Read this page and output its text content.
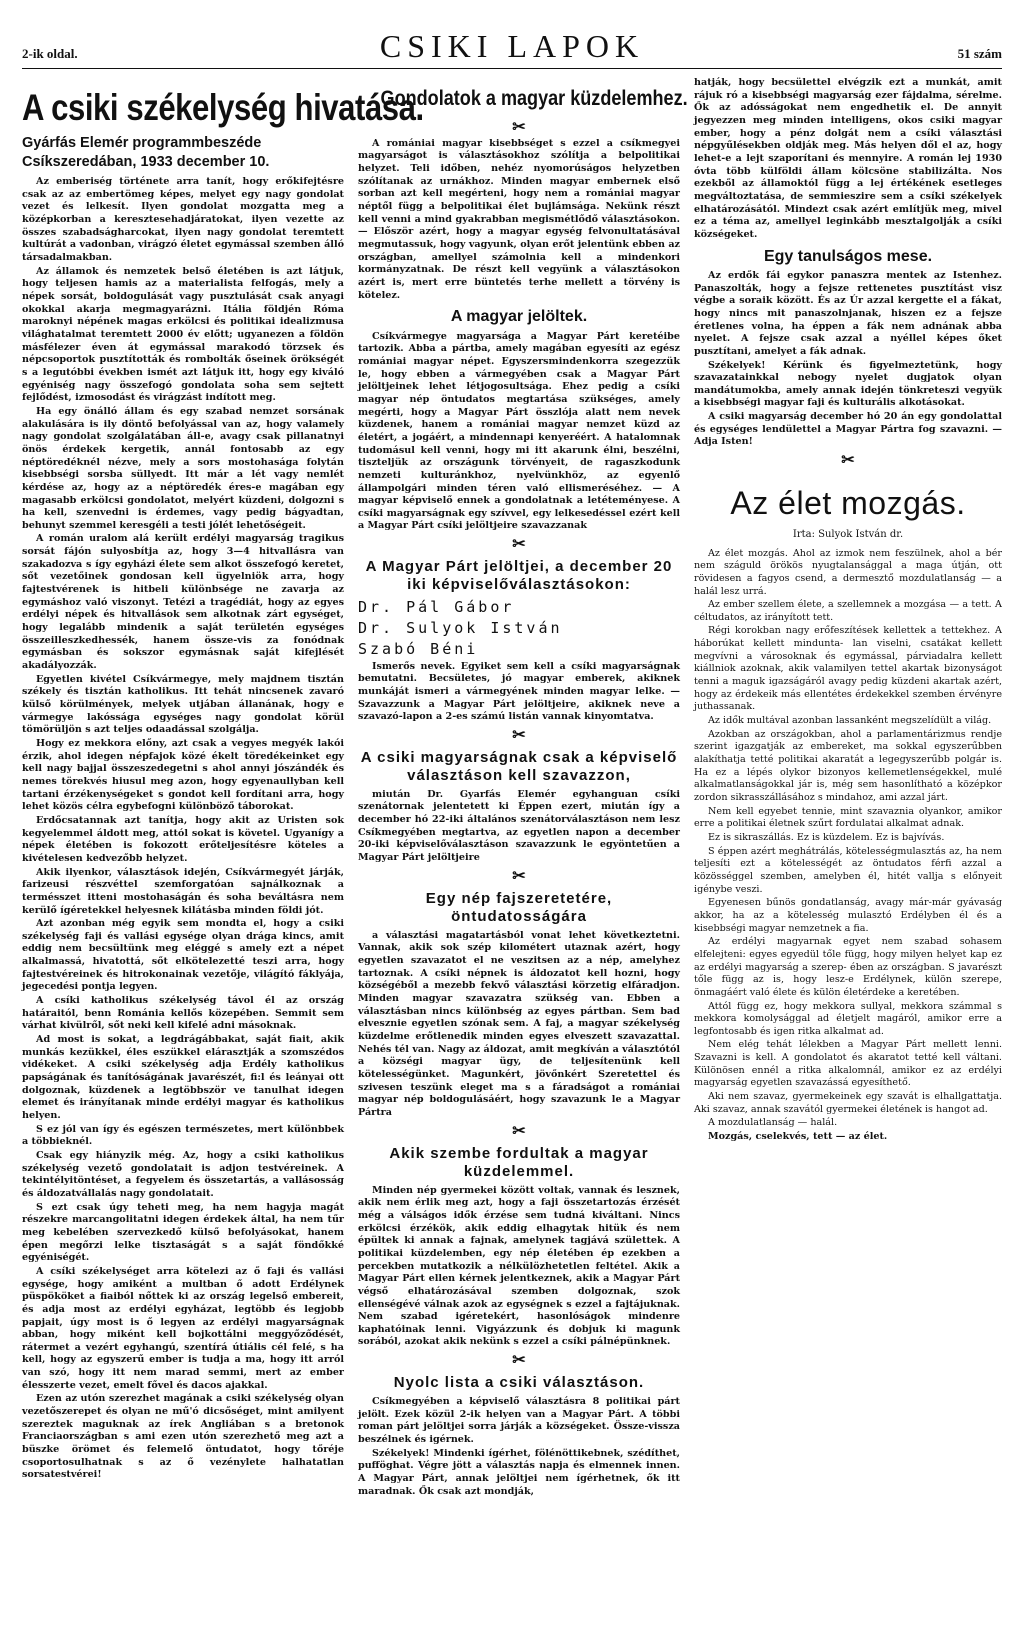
2-ik oldal.	CSIKI LAPOK	51 szám
A csiki székelység hivatása.
Gyárfás Elemér programmbeszéde
Csíkszeredában, 1933 december 10.

Az emberiség története arra tanít, hogy erőkifejtésre csak az az embertömeg képes, melyet egy nagy gondolat vezet és lelkesít. Ilyen gondolat mozgatta meg a középkorban a keresztesehadjáratokat, ilyen vezette az összes szabadságharcokat, ilyen nagy gondolat teremtett kultúrát a vadonban, virágzó életet egymással szemben álló társadalmakban.

Az államok és nemzetek belső életében is azt látjuk, hogy teljesen hamis az a materialista felfogás, mely a népek sorsát, boldogulását vagy pusztulását csak anyagi okokkal akarja megmagyarázni. Itália földjén Róma maroknyi népének magas erkölcsi és politikai idealizmusa világhatalmat teremtett 2000 év előtt; ugyanezen a földön másfélezer éven át egymással marakodó törzsek és népcsoportok pusztították és rombolták őseinek örökségét s a legutóbbi években ismét azt látjuk itt, hogy egy kiváló egyéniség nagy összefogó gondolata soha sem sejtett fejlődést, izmosodást és virágzást indított meg.

Ha egy önálló állam és egy szabad nemzet sorsának alakulására is ily döntő befolyással van az, hogy valamely nagy gondolat szolgálatában áll-e, avagy csak pillanatnyi önös érdekek kergetik, annál fontosabb az egy néptöredéknél nézve, mely a sors mostohasága folytán kisebbségi sorsba süllyedt. Itt már a lét vagy nemlét kérdése az, hogy az a néptöredék éres-e magában egy magasabb erkölcsi gondolatot, melyért küzdeni, dolgozni s ha kell, szenvedni is érdemes, vagy pedig bágyadtan, behunyt szemmel keresgéli a testi jólét lehetőségeit.

A román uralom alá került erdélyi magyarság tragikus sorsát fájón sulyosbítja az, hogy 3—4 hitvallásra van szakadozva s így egyházi élete sem alkot összefogó keretet, sőt vezetőinek gondosan kell ügyelniök arra, hogy fajtestvérenek is hitbeli különbsége ne zavarja az egymáshoz való viszonyt. Tetézi a tragédiát, hogy az egyes erdélyi népek és hitvallások sem alkotnak zárt egységet, hogy legalább mindenik a saját területén egységes összeilleszkedhessék, hanem össze-vis za fonódnak egymásban és sokszor egymásnak saját kifejlését akadályozzák.

Egyetlen kivétel Csíkvármegye, mely majdnem tisztán székely és tisztán katholikus. Itt tehát nincsenek zavaró külső körülmények, melyek utjában állanának, hogy e vármegye lakóssága egységes nagy gondolat körül tömörüljön s azt teljes odaadással szolgálja.

Hogy ez mekkora előny, azt csak a vegyes megyék lakói érzik, ahol idegen népfajok közé ékelt töredékeinket egy kell nagy bajjal összeszedegetni s ahol annyi jószándék és nemes törekvés hiusul meg azon, hogy egyenaullyban kell tartani érzékenységeket s gondot kell fordítani arra, hogy lehet közös célra egybefogni különböző táborokat.

Erdőcsatannak azt tanítja, hogy akit az Uristen sok kegyelemmel áldott meg, attól sokat is követel. Ugyanígy a népek életében is fokozott erőteljesítésre köteles a kivételesen kedvezőbb helyzet.

Akik ilyenkor, választások idején, Csíkvármegyét járják, farizeusi részvéttel szemforgatóan sajnálkoznak a termésszet itteni mostohaságán és soha beváltásra nem kerülő ígéretekkel helyesnek kilátásba minden földi jót.

Azt azonban még egyik sem mondta el, hogy a csiki székelység faji és vallási egysége olyan drága kincs, amit eddig nem becsültünk meg eléggé s amely ezt a népet alkalmassá, hivatottá, sőt elkötelezetté teszi arra, hogy fajtestvéreinek és hitrokonainak vezetője, világító fáklyája, jegecedési pontja legyen.

A csíki katholikus székelység távol él az ország határaitól, benn Románia kellős közepében. Semmit sem várhat kivülről, sőt neki kell kifelé adni másoknak.

Ad most is sokat, a legdrágábbakat, saját fiait, akik munkás kezükkel, éles eszükkel elárasztják a szomszédos vidékeket. A csiki székelység adja Erdély katholikus papságának és tanítóságának javarészét, fi:l és leányai ott dolgoznak, küzdenek a legtöbbször ve tanulhat idegen elemet és irányítanak minde erdélyi magyar és katholikus helyen.

S ez jól van így és egészen természetes, mert különbbek a többieknél.

Csak egy hiányzik még. Az, hogy a csiki katholikus székelység vezető gondolatait is adjon testvéreinek. A tekintélyitöntéset, a fegyelem és összetartás, a vallásosság és áldozatvállalás nagy gondolatait.

S ezt csak úgy teheti meg, ha nem hagyja magát részekre marcangolitatni idegen érdekek által, ha nem tűr meg kebelében szervezkedő külső befolyásokat, hanem épen megőrzi lelke tisztaságát s a saját föndőkké egyéniségét.

A csíki székelységet arra kötelezi az ő faji és vallási egysége, hogy amiként a multban ő adott Erdélynek püspököket a fiaiból nőttek ki az ország legelső embereit, és adja most az erdélyi egyházat, legtöbb és legjobb papjait, úgy most is ő legyen az erdélyi magyarságnak abban, hogy miként kell bojkottálni meggyőződését, rátermet a vezért egyhangú, szentírá útiális cél felé, s ha kell, hogy az egyszerű ember is tudja a ma, hogy itt arról van szó, hogy itt nem marad semmi, mert az ember élesszerte vezet, emelt fővel és dacos ajakkal.

Ezen az utón szerezhet magának a csiki székelység olyan vezetőszerepet és olyan ne mű'ó dicsőséget, mint amilyent szereztek maguknak az írek Angliában s a bretonok Franciaországban s ami ezen utón szerezhető meg azt a büszke örömet és felemelő öntudatot, hogy tőréje csoportosulhatnak s az ő vezénylete halhatatlan sorsatestvérei!

Gondolatok a magyar küzdelemhez.
✂

A romániai magyar kisebbséget s ezzel a csíkmegyei magyarságot is választásokhoz szólítja a belpolitikai helyzet. Teli időben, nehéz nyomorúságos helyzetben szólítanak az urnákhoz. Minden magyar embernek első sorban azt kell megérteni, hogy nem a romániai magyar néptől függ a belpolitikai élet bujlámsága. Nekünk részt kell venni a mind gyakrabban megismétlődő választásokon. — Először azért, hogy a magyar egység felvonultatásával megmutassuk, hogy vagyunk, olyan erőt jelentünk ebben az országban, amellyel számolnia kell a mindenkori kormányzatnak. De részt kell vegyünk a választásokon azért is, mert erre büntetés terhe mellett a törvény is kötelez.

A magyar jelöltek.

Csíkvármegye magyarsága a Magyar Párt keretéibe tartozik. Abba a pártba, amely magában egyesíti az egész romániai magyar népet. Egyszersmindenkorra szegezzük le, hogy ebben a vármegyében csak a Magyar Párt jelöltjeinek lehet létjogosultsága. Ehez pedig a csíki magyar nép öntudatos megtartása szükséges, amely megérti, hogy a Magyar Párt összlója alatt nem nevek küzdenek, hanem a romániai magyar nemzet küzd az életért, a jogáért, a mindennapi kenyeréért. A hatalomnak tudomásul kell venni, hogy mi itt akarunk élni, beszélni, tiszteljük az országunk törvényeit, de ragaszkodunk nemzeti kulturánkhoz, nyelvünkhöz, az egyenlő állampolgári minden téren való ellismeréséhez. — A magyar képviselő ennek a gondolatnak a letéteményese. A csíki magyarságnak egy szívvel, egy lelkesedéssel ezért kell a Magyar Párt csíki jelöltjeire szavazzanak

✂
A Magyar Párt jelöltjei, a december 20 iki képviselőválasztásokon:
Dr. Pál Gábor
Dr. Sulyok István
Szabó Béni

Ismerős nevek. Egyiket sem kell a csíki magyarságnak bemutatni. Becsületes, jó magyar emberek, akiknek munkáját ismeri a vármegyének minden magyar lelke. — Szavazzunk a Magyar Párt jelöltjeire, akiknek neve a szavazó-lapon a 2-es számú listán vannak kinyomtatva.

✂
A csiki magyarságnak csak a képviselő választáson kell szavazzon,

miután Dr. Gyarfás Elemér egyhanguan csíki szenátornak jelentetett ki Éppen ezert, miután így a december hó 22-iki általános szenátorválasztáson nem lesz Csíkmegyében megtartva, az egyetlen napon a december 20-iki képviselőválasztáson szavazzunk le egyöntetűen a Magyar Párt jelöltjeire

✂
Egy nép fajszeretetére, öntudatosságára

a választási magatartásból vonat lehet következtetni. Vannak, akik sok szép kilométert utaznak azért, hogy egyetlen szavazatot el ne veszitsen az a nép, amelyhez tartoznak. A csíki népnek is áldozatot kell hozni, hogy községéből a mezebb fekvő választási körzetig elfáradjon. Minden magyar szavazatra szükség van. Ebben a választásban nincs különbség az egyes pártban. Sem bad elveszniе egyetlen szónak sem. A faj, a magyar székelység küzdelme erőtlenedik minden egyes elveszett szavazattal. Nehés tél van. Nagy az áldozat, amit megkíván a választótól a községi magyar ügy, de teljesítenünk kell kötelességünket. Magunkért, jövőnkért Szeretettel és szivesen teszünk eleget ma s a fáradságot a romániai magyar nép boldogulásáért, hogy szavazunk le a Magyar Pártra

✂
Akik szembe fordultak a magyar küzdelemmel.

Minden nép gyermekei között voltak, vannak és lesznek, akik nem érlik meg azt, hogy a faji összetartozás érzését még a válságos idők érzése sem tudná kiváltani. Nincs erkölcsi érzékök, akik eddig elhagytak hitük és nem épültek ki annak a fajnak, amelynek tagjává születtek. A politikai küzdelemben, egy nép életében ép ezekben a percekben mutatkozik a nélkülözhetetlen feltétel. Akik a Magyar Párt ellen kérnek jelentkeznek, akik a Magyar Párt végső elhatározásával szemben dolgoznak, szok ellenségévé válnak azok az egységnek s ezzel a fajtájuknak. Nem szabad igéretekért, hasonlóságok mindenre kaphatóinak lenni. Vigyázzunk és dobjuk ki magunk sorából, azokat akik nekünk s ezzel a csíki pálnépünknek.

✂
Nyolc lista a csiki választáson.

Csíkmegyében a képviselő választásra 8 politikai párt jelölt. Ezek közül 2-ik helyen van a Magyar Párt. A többi roman párt jelöltjei sorra járják a községeket. Össze-vissza beszélnek és igérnek.

Székelyek! Mindenki ígérhet, fölénöttikebnek, szédíthet, pufföghat. Végre jött a választás napja és elmennek innen. A Magyar Párt, annak jelöltjei nem ígérhetnek, ők itt maradnak. Ők csak azt mondják,

hatják, hogy becsülettel elvégzik ezt a munkát, amit rájuk ró a kisebbségi magyarság ezer fájdalma, sérelme. Ők az adósságokat nem engedhetik el. De annyit jegyezzen meg minden intelligens, okos csiki magyar ember, hogy a pénz dolgát nem a csíki választási népgyűlésekben oldják meg. Más helyen dől el az, hogy lehet-e a lejt szaporítani és mennyire. A román lej 1930 óvta több külföldi állam kölcsöne stabilizálta. Nos ezekből az államoktól függ a lej értékének esetleges megváltoztatása, de semmieszire sem a csíki székelyek elhatározásától. Mindezt csak azért említjük meg, mivel ez a téma az, amellyel leginkább mesztalgolják a csíki községeket.

Egy tanulságos mese.

Az erdők fái egykor panaszra mentek az Istenhez. Panaszolták, hogy a fejsze rettenetes pusztítást visz végbe a soraik között. És az Úr azzal kergette el a fákat, hogy nincs mit panaszolnjanak, hiszen ez a fejsze éretlenes volna, ha éppen a fák nem adnának abba nyelet. A fejsze csak azzal a nyéllel képes őket pusztítani, amelyet a fák adnak.

Székelyek! Kérünk és figyelmeztetünk, hogy szavazatainkkal nebogy nyelet dugjatok olyan mandátumokba, amely annak idején tönkreteszi vegyük a kisebbségi magyar faji és kulturális alkotásokat.

A csiki magyarság december hó 20 án egy gondolattal és egységes lendülettel a Magyar Pártra fog szavazni. — Adja Isten!

✂
Az élet mozgás.
Irta: Sulyok István dr.

Az élet mozgás. Ahol az izmok nem feszülnek, ahol a bér nem száguld örökös nyugtalansággal a maga útján, ott rövidesen a fagyos csend, a dermesztő mozdulatlanság — a halál lesz urrá.

Az ember szellem élete, a szellemnek a mozgása — a tett. A céltudatos, az irányított tett.

Régi korokban nagy erőfeszítések kellettek a tettekhez. A háborúkat kellett mindunta- lan viselni, csatákat kellett megvívni a városoknak és egymással, párviadalra kellett kiállniok azoknak, akik valamilyen tettel akartak bizonyságot tenni a maguk igazságáról avagy pedig küzdeni akartak azért, hogy az érdekeik más ellentétes érdekekkel szemben érvényre juthassanak.

Az idők multával azonban lassanként megszelídült a világ.

Azokban az országokban, ahol a parlamentárizmus rendje szerint igazgatják az embereket, ma sokkal egyszerűbben alakíthatja tetté politikai akaratát a legegyszerűbb polgár is. Ha ez a lépés olykor bizonyos kellemetlenségekkel, mulé alkalmatlanságokkal jár is, még sem hasonlítható a középkor zordon sikrasszállásához s mindahoz, ami azzal járt.

Nem kell egyebet tennie, mint szavaznia olyankor, amikor erre a politikai életnek szűrt fordulatai alkalmat adnak.

Ez is sikraszállás. Ez is küzdelem. Ez is bajvívás.

S éppen azért meghátrálás, kötelességmulasztás az, ha nem teljesíti ezt a kötelességét az öntudatos férfi azzal a közösséggel szemben, amelyben él, hitét vallja s előnyeit igénybe veszi.

Egyenesen bűnös gondatlanság, avagy már-már gyávaság akkor, ha az a kötelesség mulasztó Erdélyben él és a kisebbségi magyar nemzetnek a fia.

Az erdélyi magyarnak egyet nem szabad sohasem elfelejteni: egyes egyedül tőle függ, hogy milyen helyet kap ez az erdélyi magyarság a szerep- ében az országban. S javarészt tőle függ az is, hogy lesz-e Erdélynek, külön szerepe, önmagáért való élete és külön életérdeke a keretében.

Attól függ ez, hogy mekkora sullyal, mekkora számmal s mekkora komolysággal ad életjelt magáról, amikor erre a legfontosabb és igen ritka alkalmat ad.

Nem elég tehát lélekben a Magyar Párt mellett lenni. Szavazni is kell. A gondolatot és akaratot tetté kell váltani. Különösen ennél a ritka alkalomnál, amikor ez az erdélyi magyarság egyetlen szavazássá egyesíthető.

Aki nem szavaz, gyermekeinek egy szavát is elhallgattatja. Aki szavaz, annak szavától gyermekei életének is hangot ad.

A mozdulatlanság — halál.

Mozgás, cselekvés, tett — az élet.
